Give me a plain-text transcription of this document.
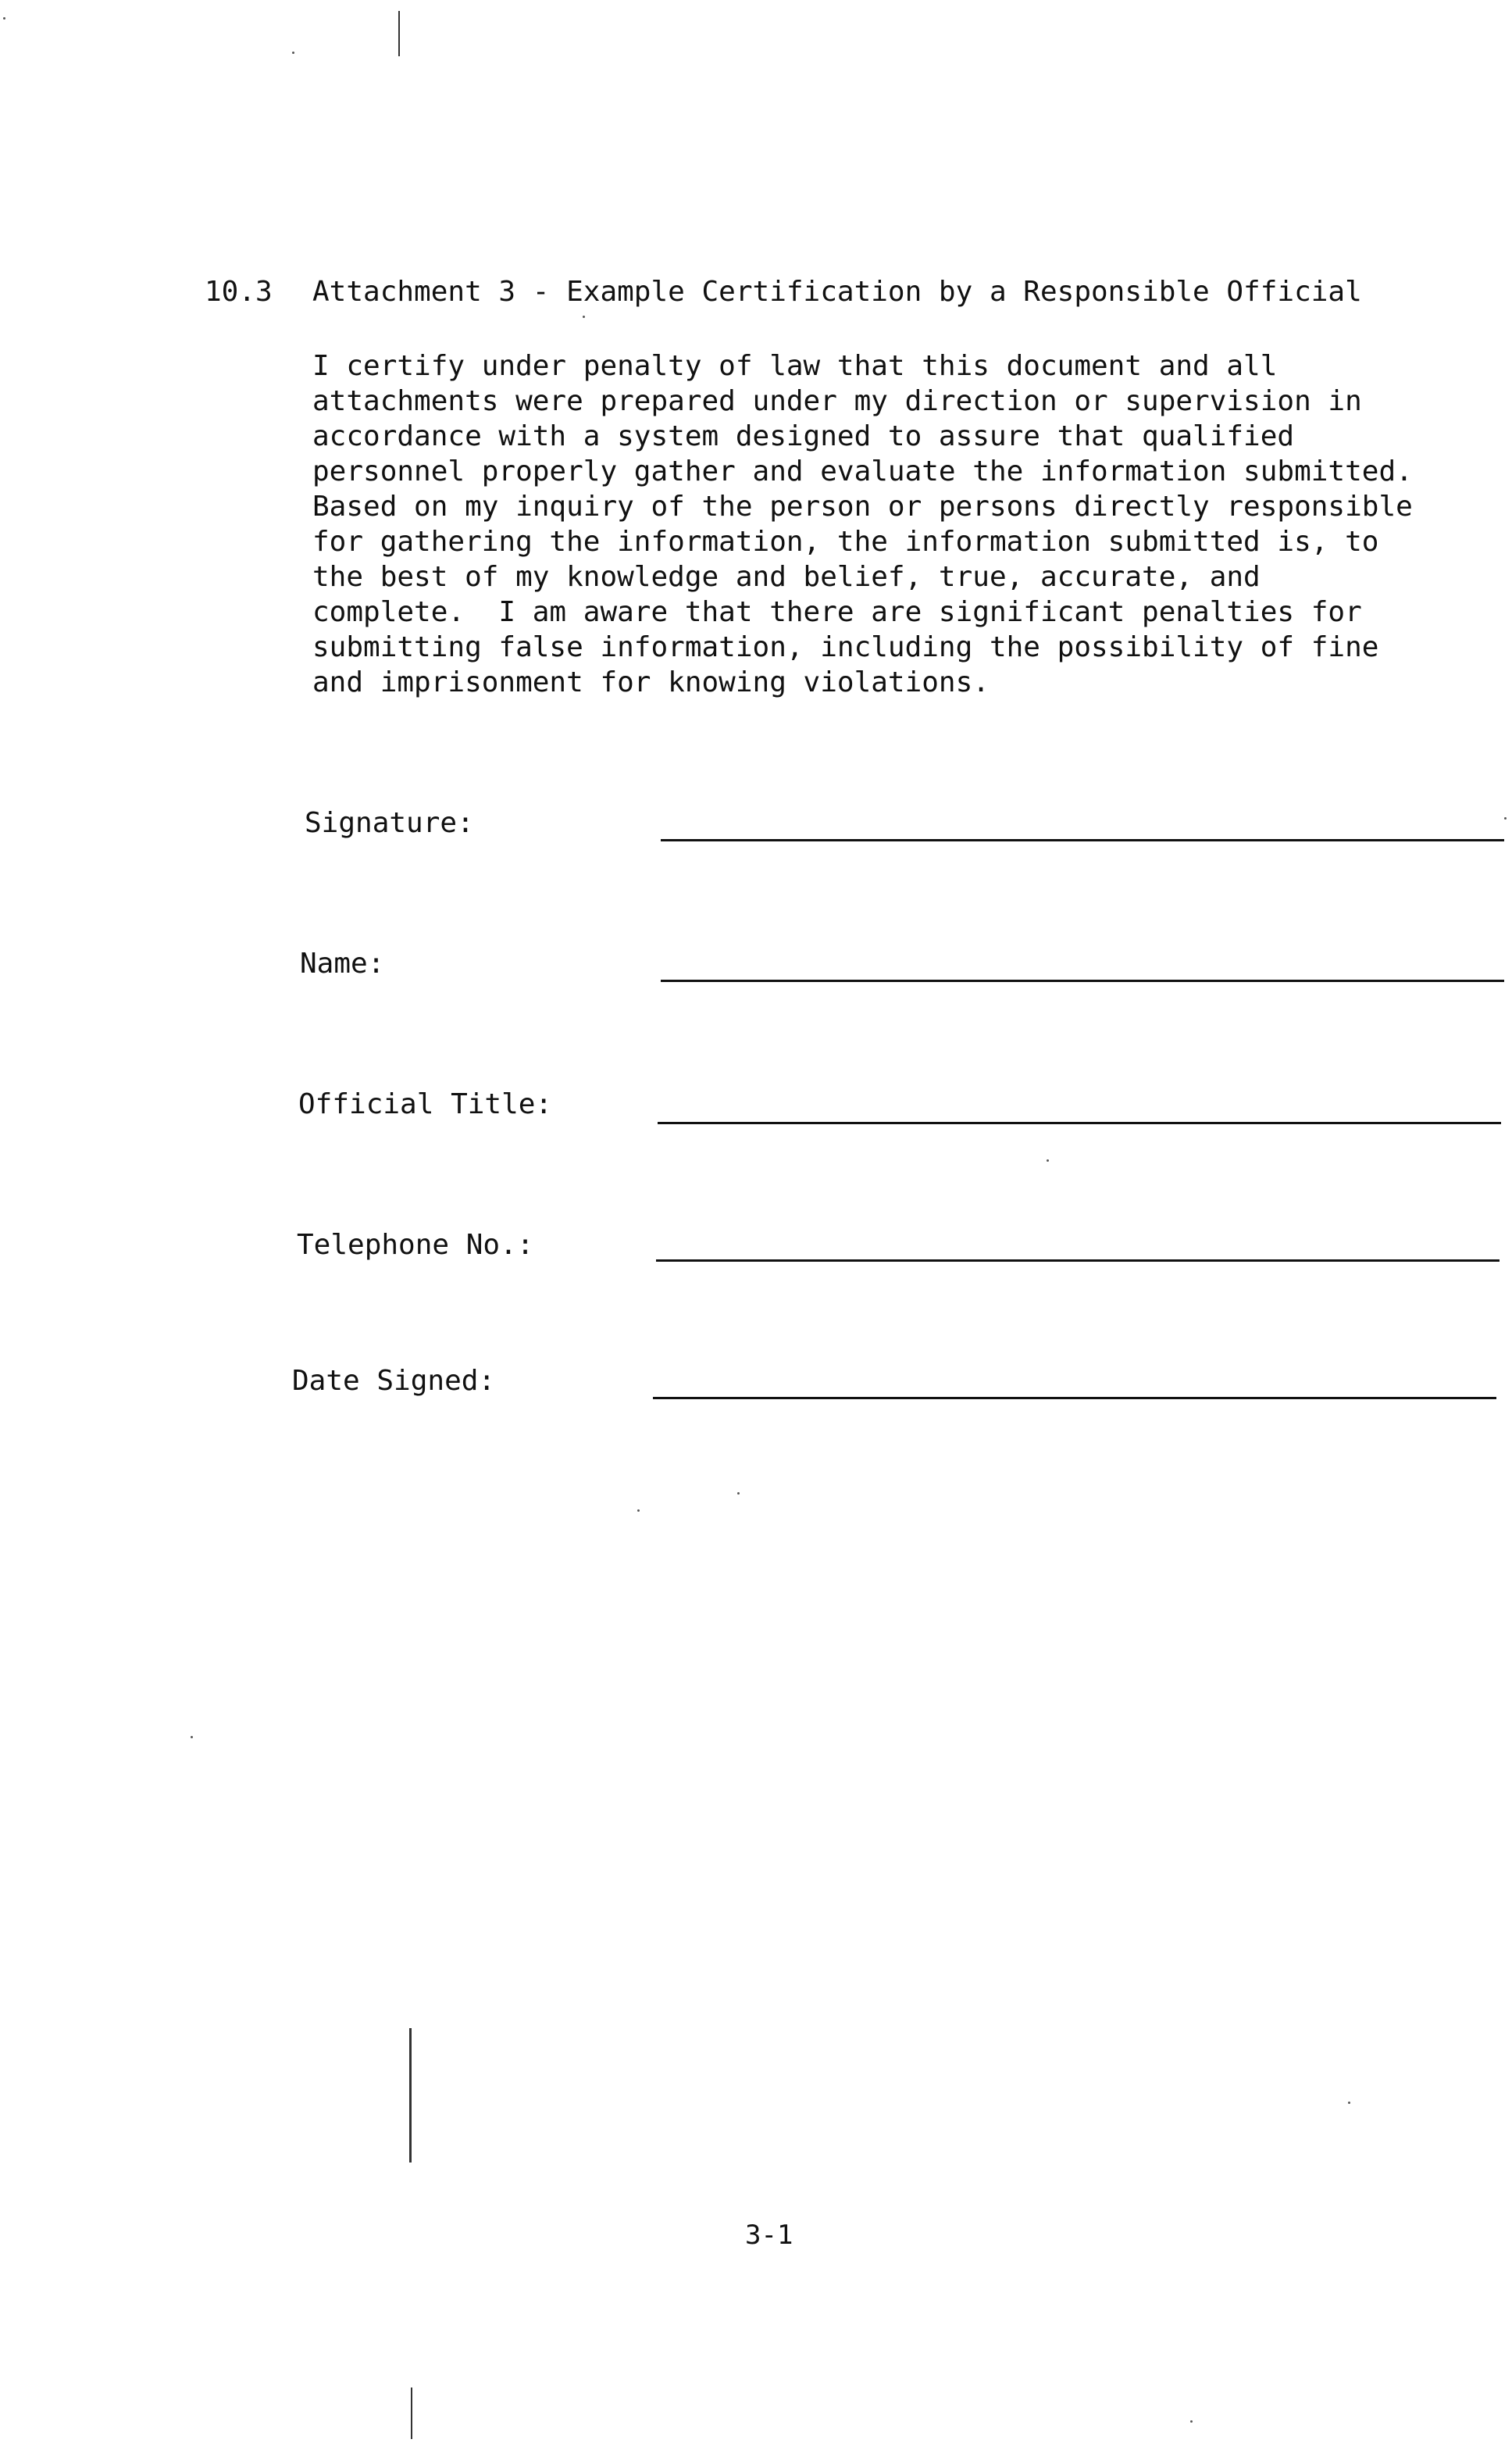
10.3 Attachment 3 - Example Certification by a Responsible Official
I certify under penalty of law that this document and all
attachments were prepared under my direction or supervision in
accordance with a system designed to assure that qualified
personnel properly gather and evaluate the information submitted.
Based on my inquiry of the person or persons directly responsible
for gathering the information, the information submitted is, to
the best of my knowledge and belief, true, accurate, and
complete.  I am aware that there are significant penalties for
submitting false information, including the possibility of fine
and imprisonment for knowing violations.
Signature:
Name:
Official Title:
Telephone No.:
Date Signed:
3-1
